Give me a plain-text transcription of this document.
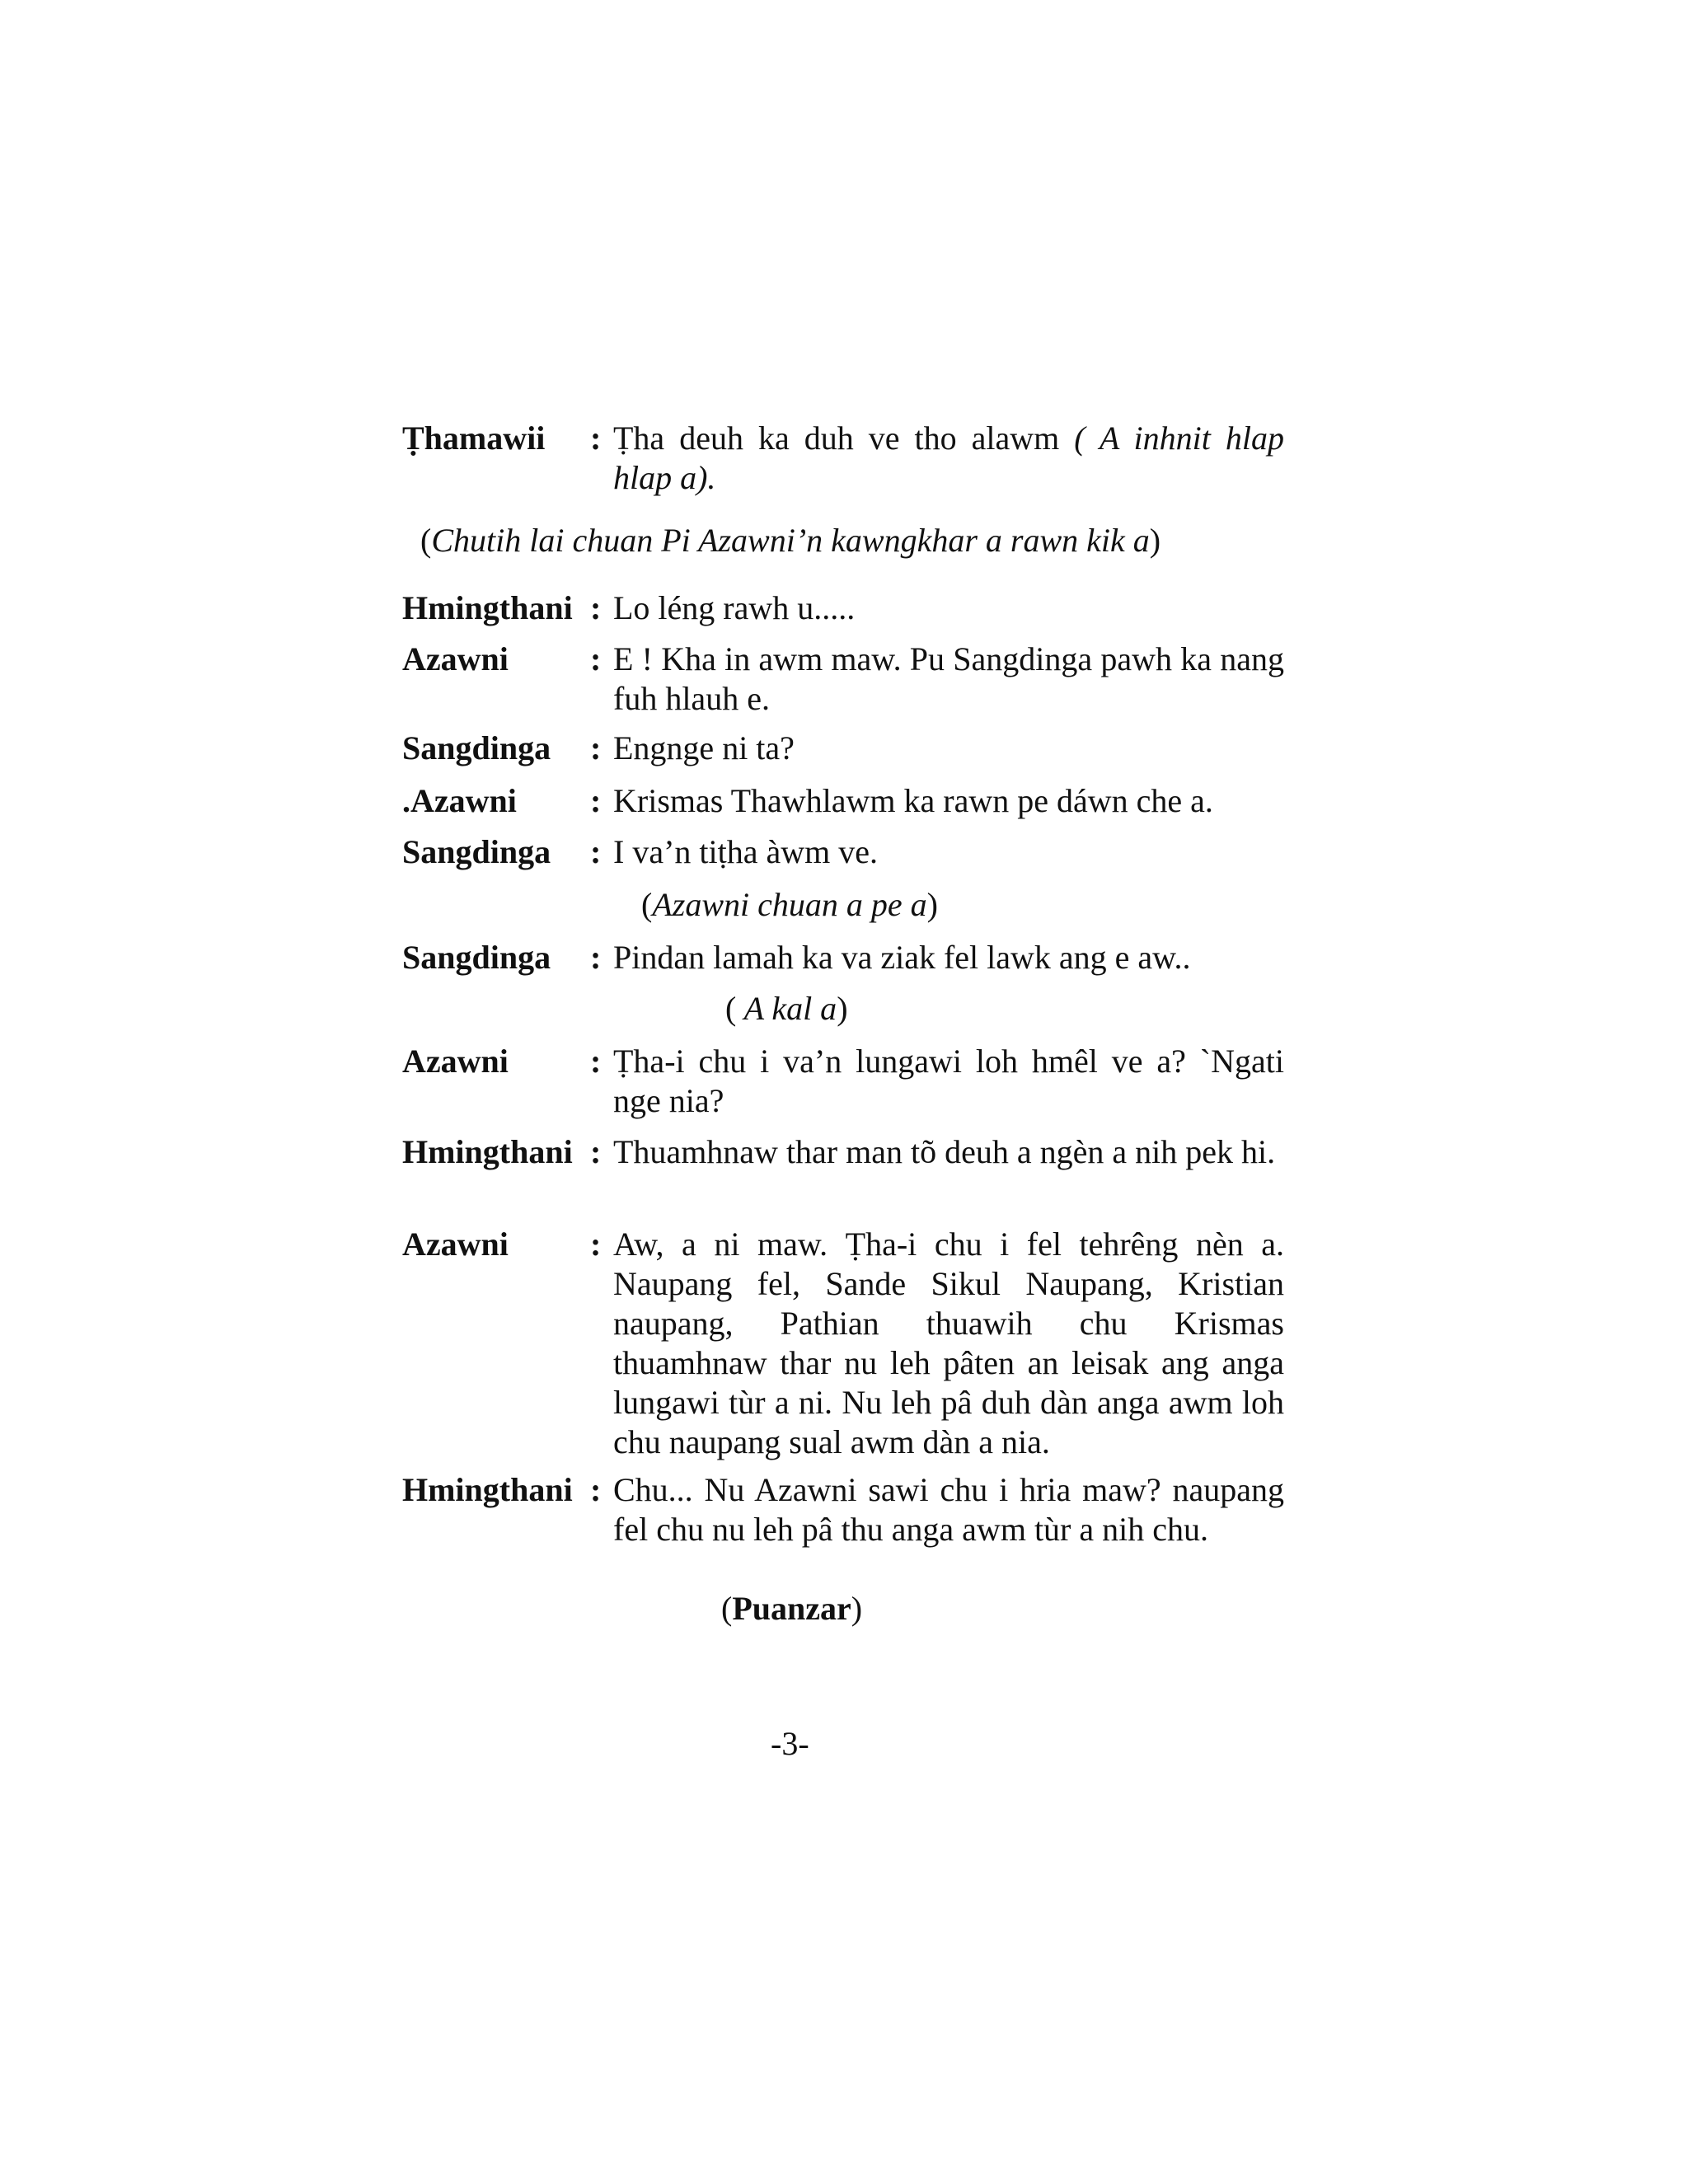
Ṭhamawii	: Ṭha deuh ka duh ve tho alawm ( A inhnit hlap hlap a).
(Chutih lai chuan Pi Azawni’n kawngkhar a rawn kik a)
Hmingthani : Lo léng rawh u.....
Azawni	: E ! Kha in awm maw. Pu Sangdinga pawh ka nang fuh hlauh e.
Sangdinga	: Engnge ni ta?
.Azawni	: Krismas Thawhlawm ka rawn pe dáwn che a.
Sangdinga	: I va’n tiṭha àwm ve.
(Azawni chuan a pe a)
Sangdinga	: Pindan lamah ka va ziak fel lawk ang e aw..
( A kal a)
Azawni	: Ṭha-i chu i va’n lungawi loh hmêl ve a? `Ngati nge nia?
Hmingthani : Thuamhnaw thar man tõ deuh a ngèn a nih pek hi.
Azawni	: Aw, a ni maw. Ṭha-i chu i fel tehrêng nèn a. Naupang fel, Sande Sikul Naupang, Kristian naupang, Pathian thuawih chu Krismas thuamhnaw thar nu leh pâten an leisak ang anga lungawi tùr a ni. Nu leh pâ duh dàn anga awm loh chu naupang sual awm dàn a nia.
Hmingthani : Chu... Nu Azawni sawi chu i hria maw? naupang fel chu nu leh pâ thu anga awm tùr a nih chu.
(Puanzar)
-3-
